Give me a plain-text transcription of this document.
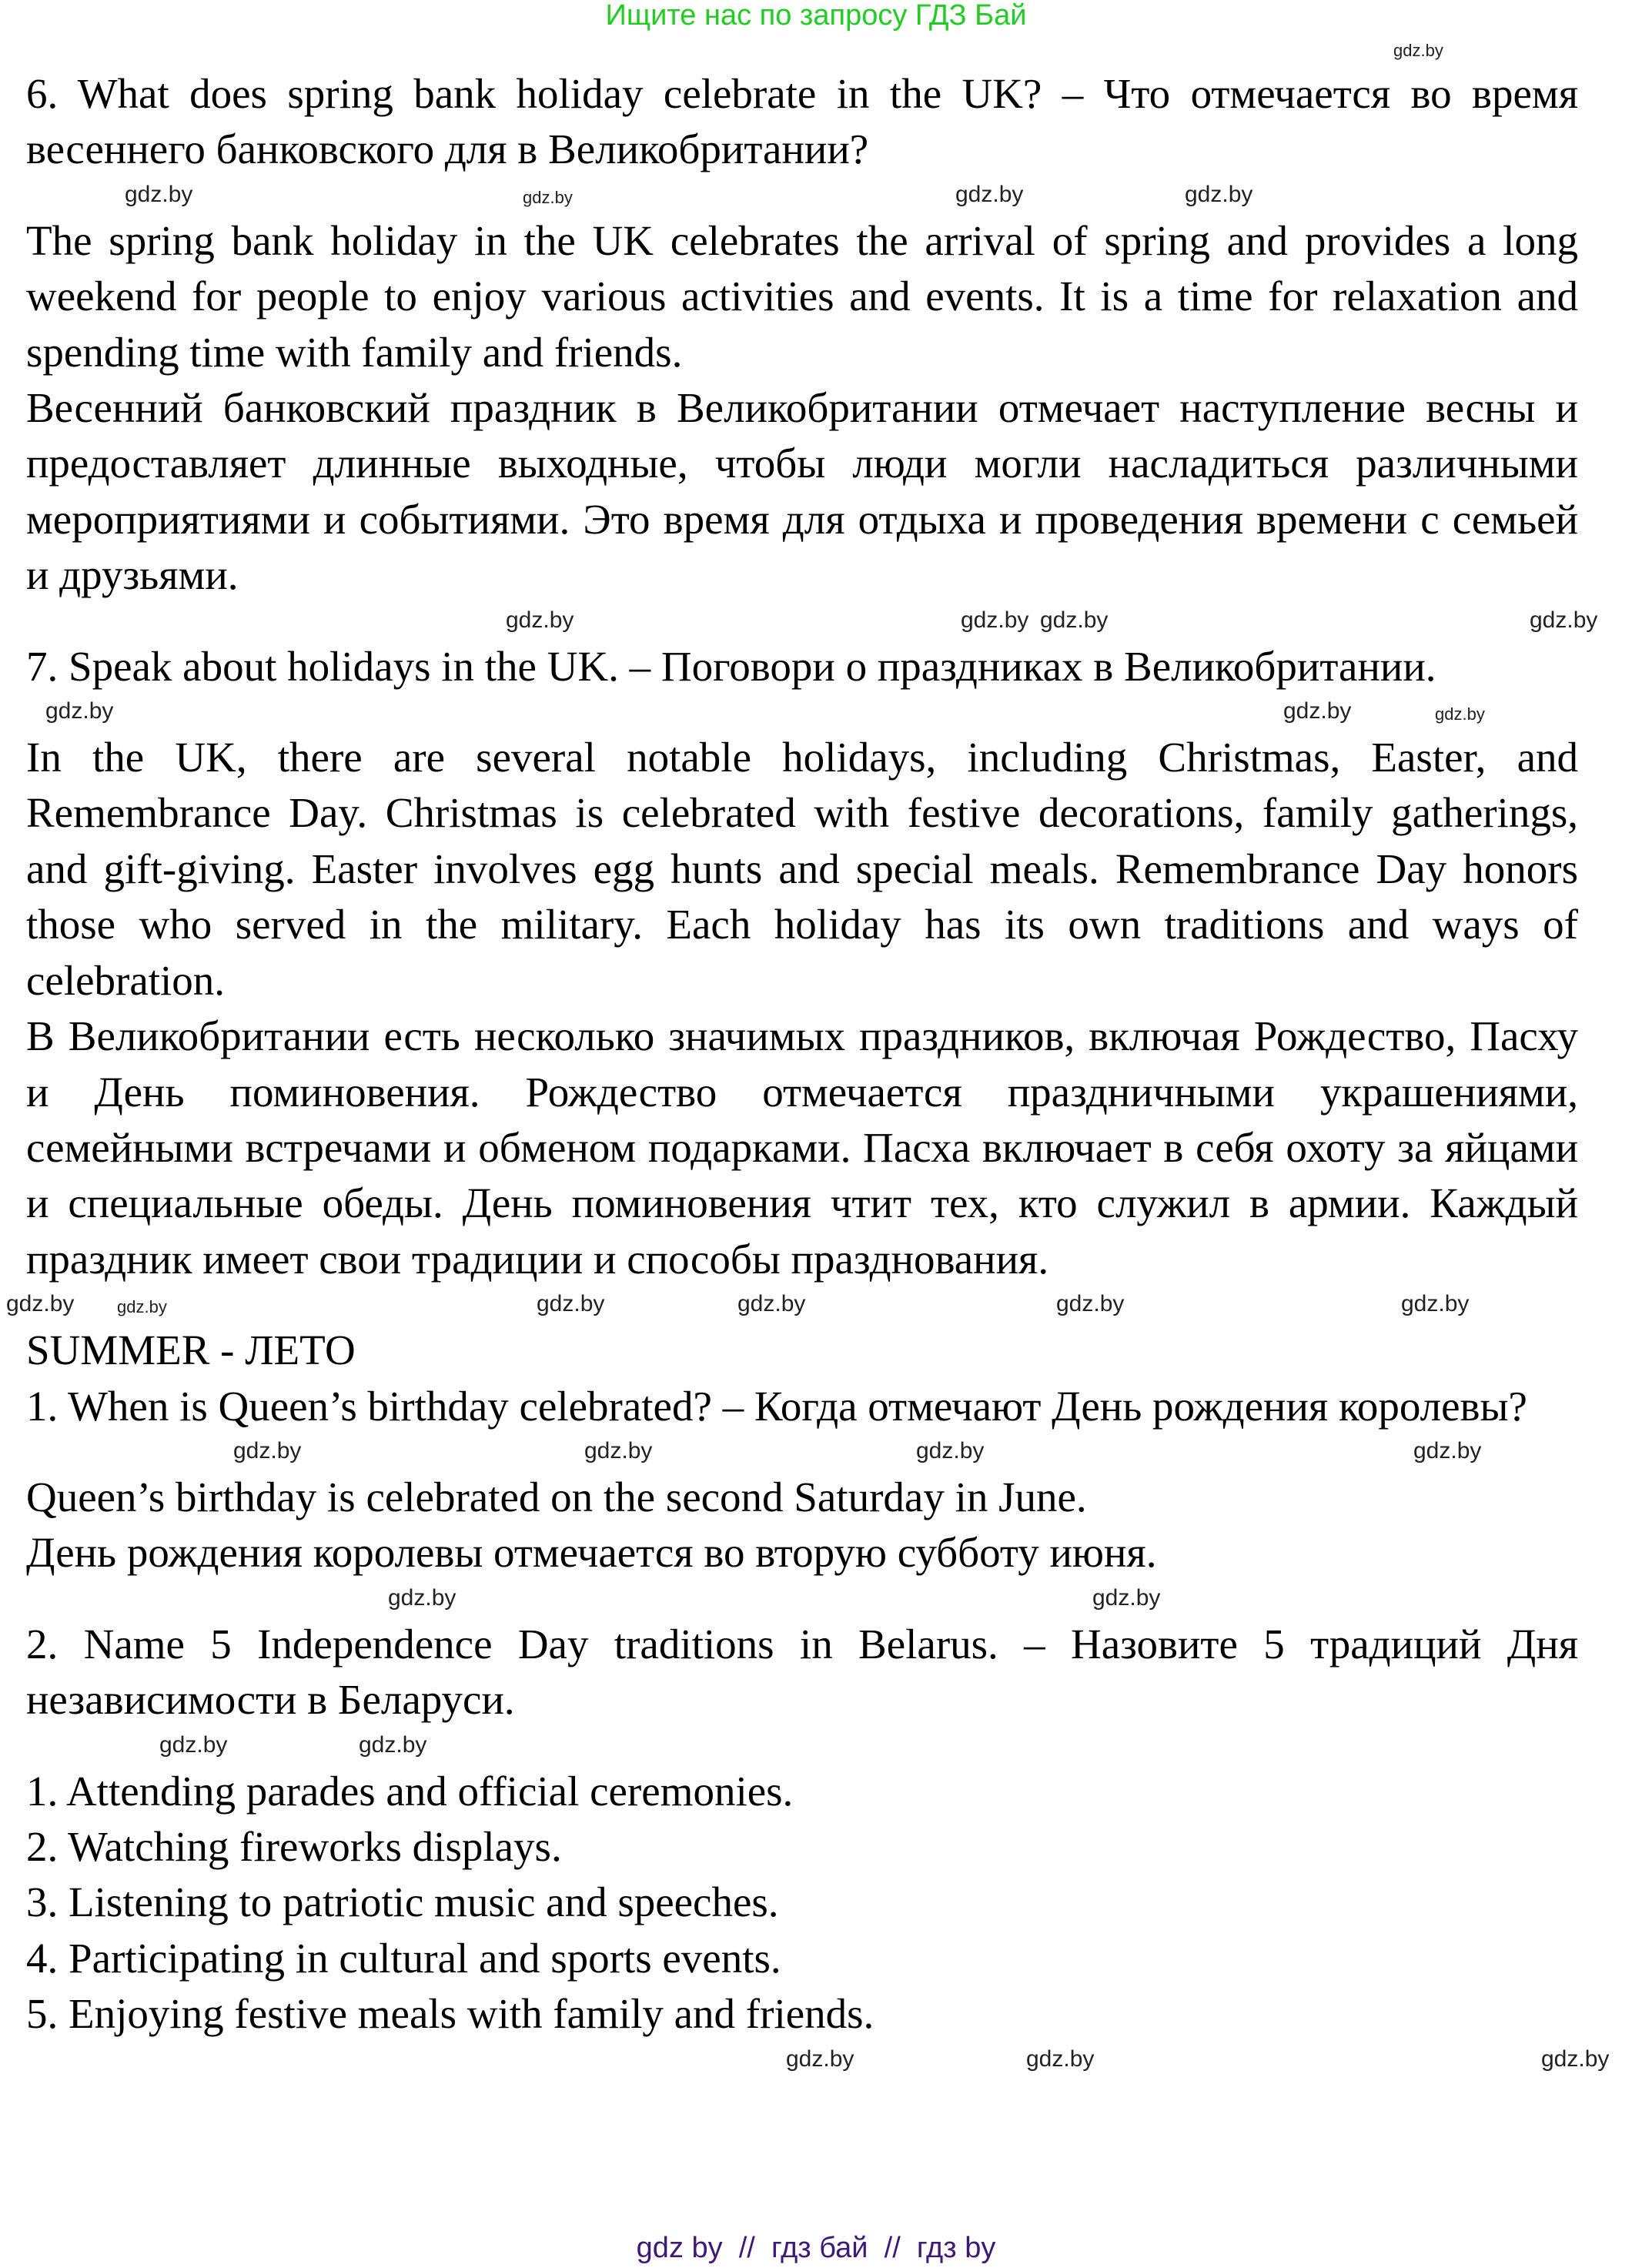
Ищите нас по запросу ГДЗ Бай
gdz.by

6. What does spring bank holiday celebrate in the UK? – Что отмечается во время весеннего банковского для в Великобритании?

gdz.by	gdz.by	gdz.by	gdz.by

The spring bank holiday in the UK celebrates the arrival of spring and provides a long weekend for people to enjoy various activities and events. It is a time for relaxation and spending time with family and friends.

Весенний банковский праздник в Великобритании отмечает наступление весны и предоставляет длинные выходные, чтобы люди могли насладиться различными мероприятиями и событиями. Это время для отдыха и проведения времени с семьей и друзьями.

gdz.by	gdz.by gdz.by	gdz.by

7. Speak about holidays in the UK. – Поговори о праздниках в Великобритании.

gdz.by	gdz.by	gdz.by

In the UK, there are several notable holidays, including Christmas, Easter, and Remembrance Day. Christmas is celebrated with festive decorations, family gatherings, and gift-giving. Easter involves egg hunts and special meals. Remembrance Day honors those who served in the military. Each holiday has its own traditions and ways of celebration.

В Великобритании есть несколько значимых праздников, включая Рождество, Пасху и День поминовения. Рождество отмечается праздничными украшениями, семейными встречами и обменом подарками. Пасха включает в себя охоту за яйцами и специальные обеды. День поминовения чтит тех, кто служил в армии. Каждый праздник имеет свои традиции и способы празднования.

gdz.by	gdz.by	gdz.by	gdz.by	gdz.by	gdz.by

SUMMER - ЛЕТО

1. When is Queen’s birthday celebrated? – Когда отмечают День рождения королевы?

gdz.by	gdz.by	gdz.by	gdz.by

Queen’s birthday is celebrated on the second Saturday in June.

День рождения королевы отмечается во вторую субботу июня.

gdz.by	gdz.by

2. Name 5 Independence Day traditions in Belarus. – Назовите 5 традиций Дня независимости в Беларуси.

gdz.by	gdz.by

1. Attending parades and official ceremonies.

2. Watching fireworks displays.

3. Listening to patriotic music and speeches.

4. Participating in cultural and sports events.

5. Enjoying festive meals with family and friends.

gdz.by	gdz.by	gdz.by
gdz by  //  гдз бай  //  гдз by
